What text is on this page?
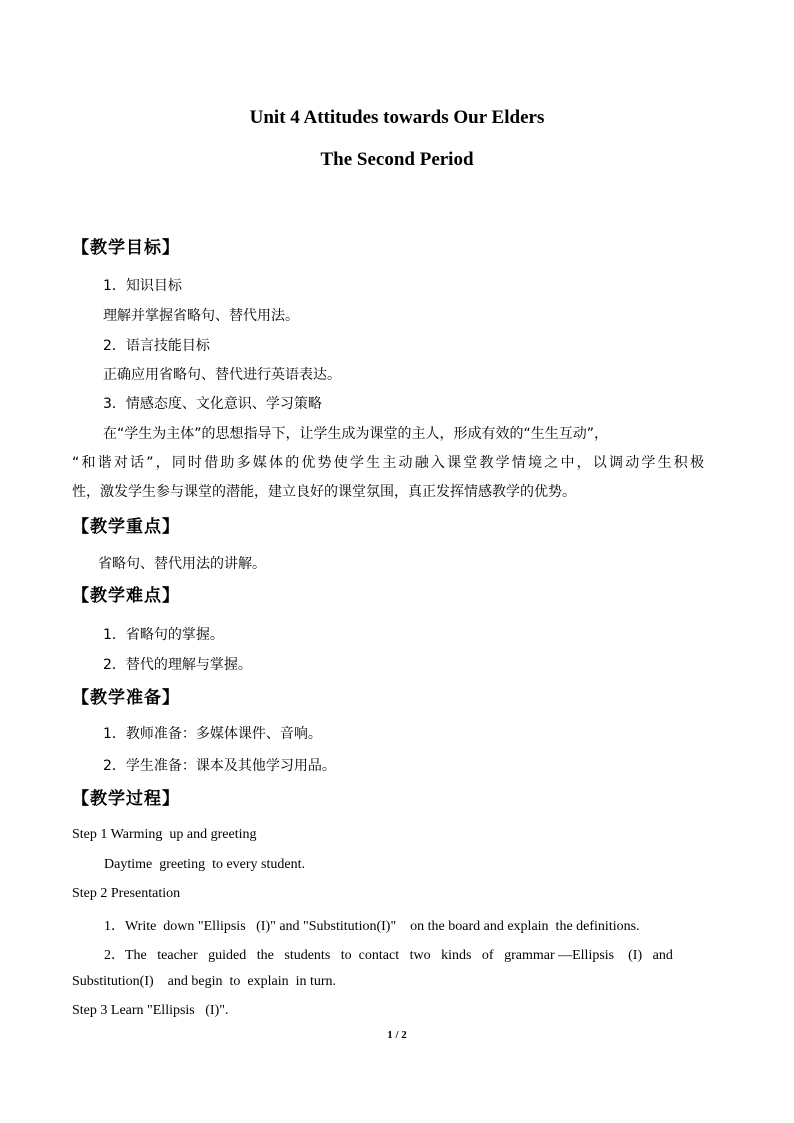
Unit 4 Attitudes towards Our Elders
The Second Period
【教学目标】
1．知识目标
理解并掌握省略句、替代用法。
2．语言技能目标
正确应用省略句、替代进行英语表达。
3．情感态度、文化意识、学习策略
在“学生为主体”的思想指导下，让学生成为课堂的主人，形成有效的“生生互动”，
“和谐对话”，同时借助多媒体的优势使学生主动融入课堂教学情境之中，以调动学生积极
性，激发学生参与课堂的潜能，建立良好的课堂氛围，真正发挥情感教学的优势。
【教学重点】
省略句、替代用法的讲解。
【教学难点】
1．省略句的掌握。
2．替代的理解与掌握。
【教学准备】
1．教师准备：多媒体课件、音响。
2．学生准备：课本及其他学习用品。
【教学过程】
Step 1 Warming  up and greeting
Daytime  greeting  to every student.
Step 2 Presentation
1．Write  down "Ellipsis   (I)" and "Substitution(I)"    on the board and explain  the definitions.
2．The   teacher   guided   the   students   to  contact   two   kinds   of   grammar —Ellipsis    (I)   and
Substitution(I)    and begin  to  explain  in turn.
Step 3 Learn "Ellipsis   (I)".
1 / 2
